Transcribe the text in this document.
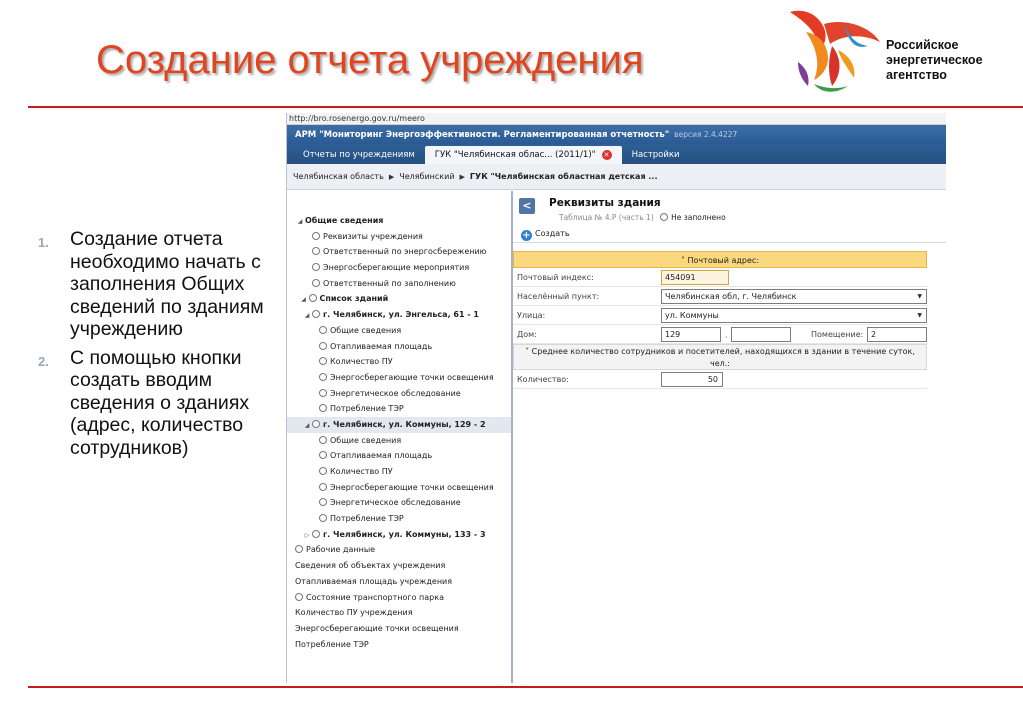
Создание отчета учреждения	Российское энергетическое агентство
1. Создание отчета необходимо начать с заполнения Общих сведений по зданиям учреждению
2. С помощью кнопки создать вводим сведения о зданиях (адрес, количество сотрудников)
http://bro.rosenergo.gov.ru/meero
АРМ "Мониторинг Энергоэффективности. Регламентированная отчетность" версия 2.4.4227
Отчеты по учреждениям	ГУК "Челябинская облас... (2011/1)" ✕	Настройки
Челябинская область ▶ Челябинский ▶ ГУК "Челябинская областная детская ...
◢ Общие сведения
Реквизиты учреждения
Ответственный по энергосбережению
Энергосберегающие мероприятия
Ответственный по заполнению
◢ Список зданий
◢ г. Челябинск, ул. Энгельса, 61 - 1
Общие сведения
Отапливаемая площадь
Количество ПУ
Энергосберегающие точки освещения
Энергетическое обследование
Потребление ТЭР
◢ г. Челябинск, ул. Коммуны, 129 - 2
Общие сведения
Отапливаемая площадь
Количество ПУ
Энергосберегающие точки освещения
Энергетическое обследование
Потребление ТЭР
▷ г. Челябинск, ул. Коммуны, 133 - 3
Рабочие данные
Сведения об объектах учреждения
Отапливаемая площадь учреждения
Состояние транспортного парка
Количество ПУ учреждения
Энергосберегающие точки освещения
Потребление ТЭР
<	Реквизиты здания
Таблица № 4.Р (часть 1) Не заполнено
+ Создать
˅ Почтовый адрес:
Почтовый индекс:	454091
Населённый пункт:	Челябинская обл, г. Челябинск	▼
Улица:	ул. Коммуны	▼
Дом:	129	,	Помещение: 2
˅ Среднее количество сотрудников и посетителей, находящихся в здании в течение суток, чел.:
Количество:	50
